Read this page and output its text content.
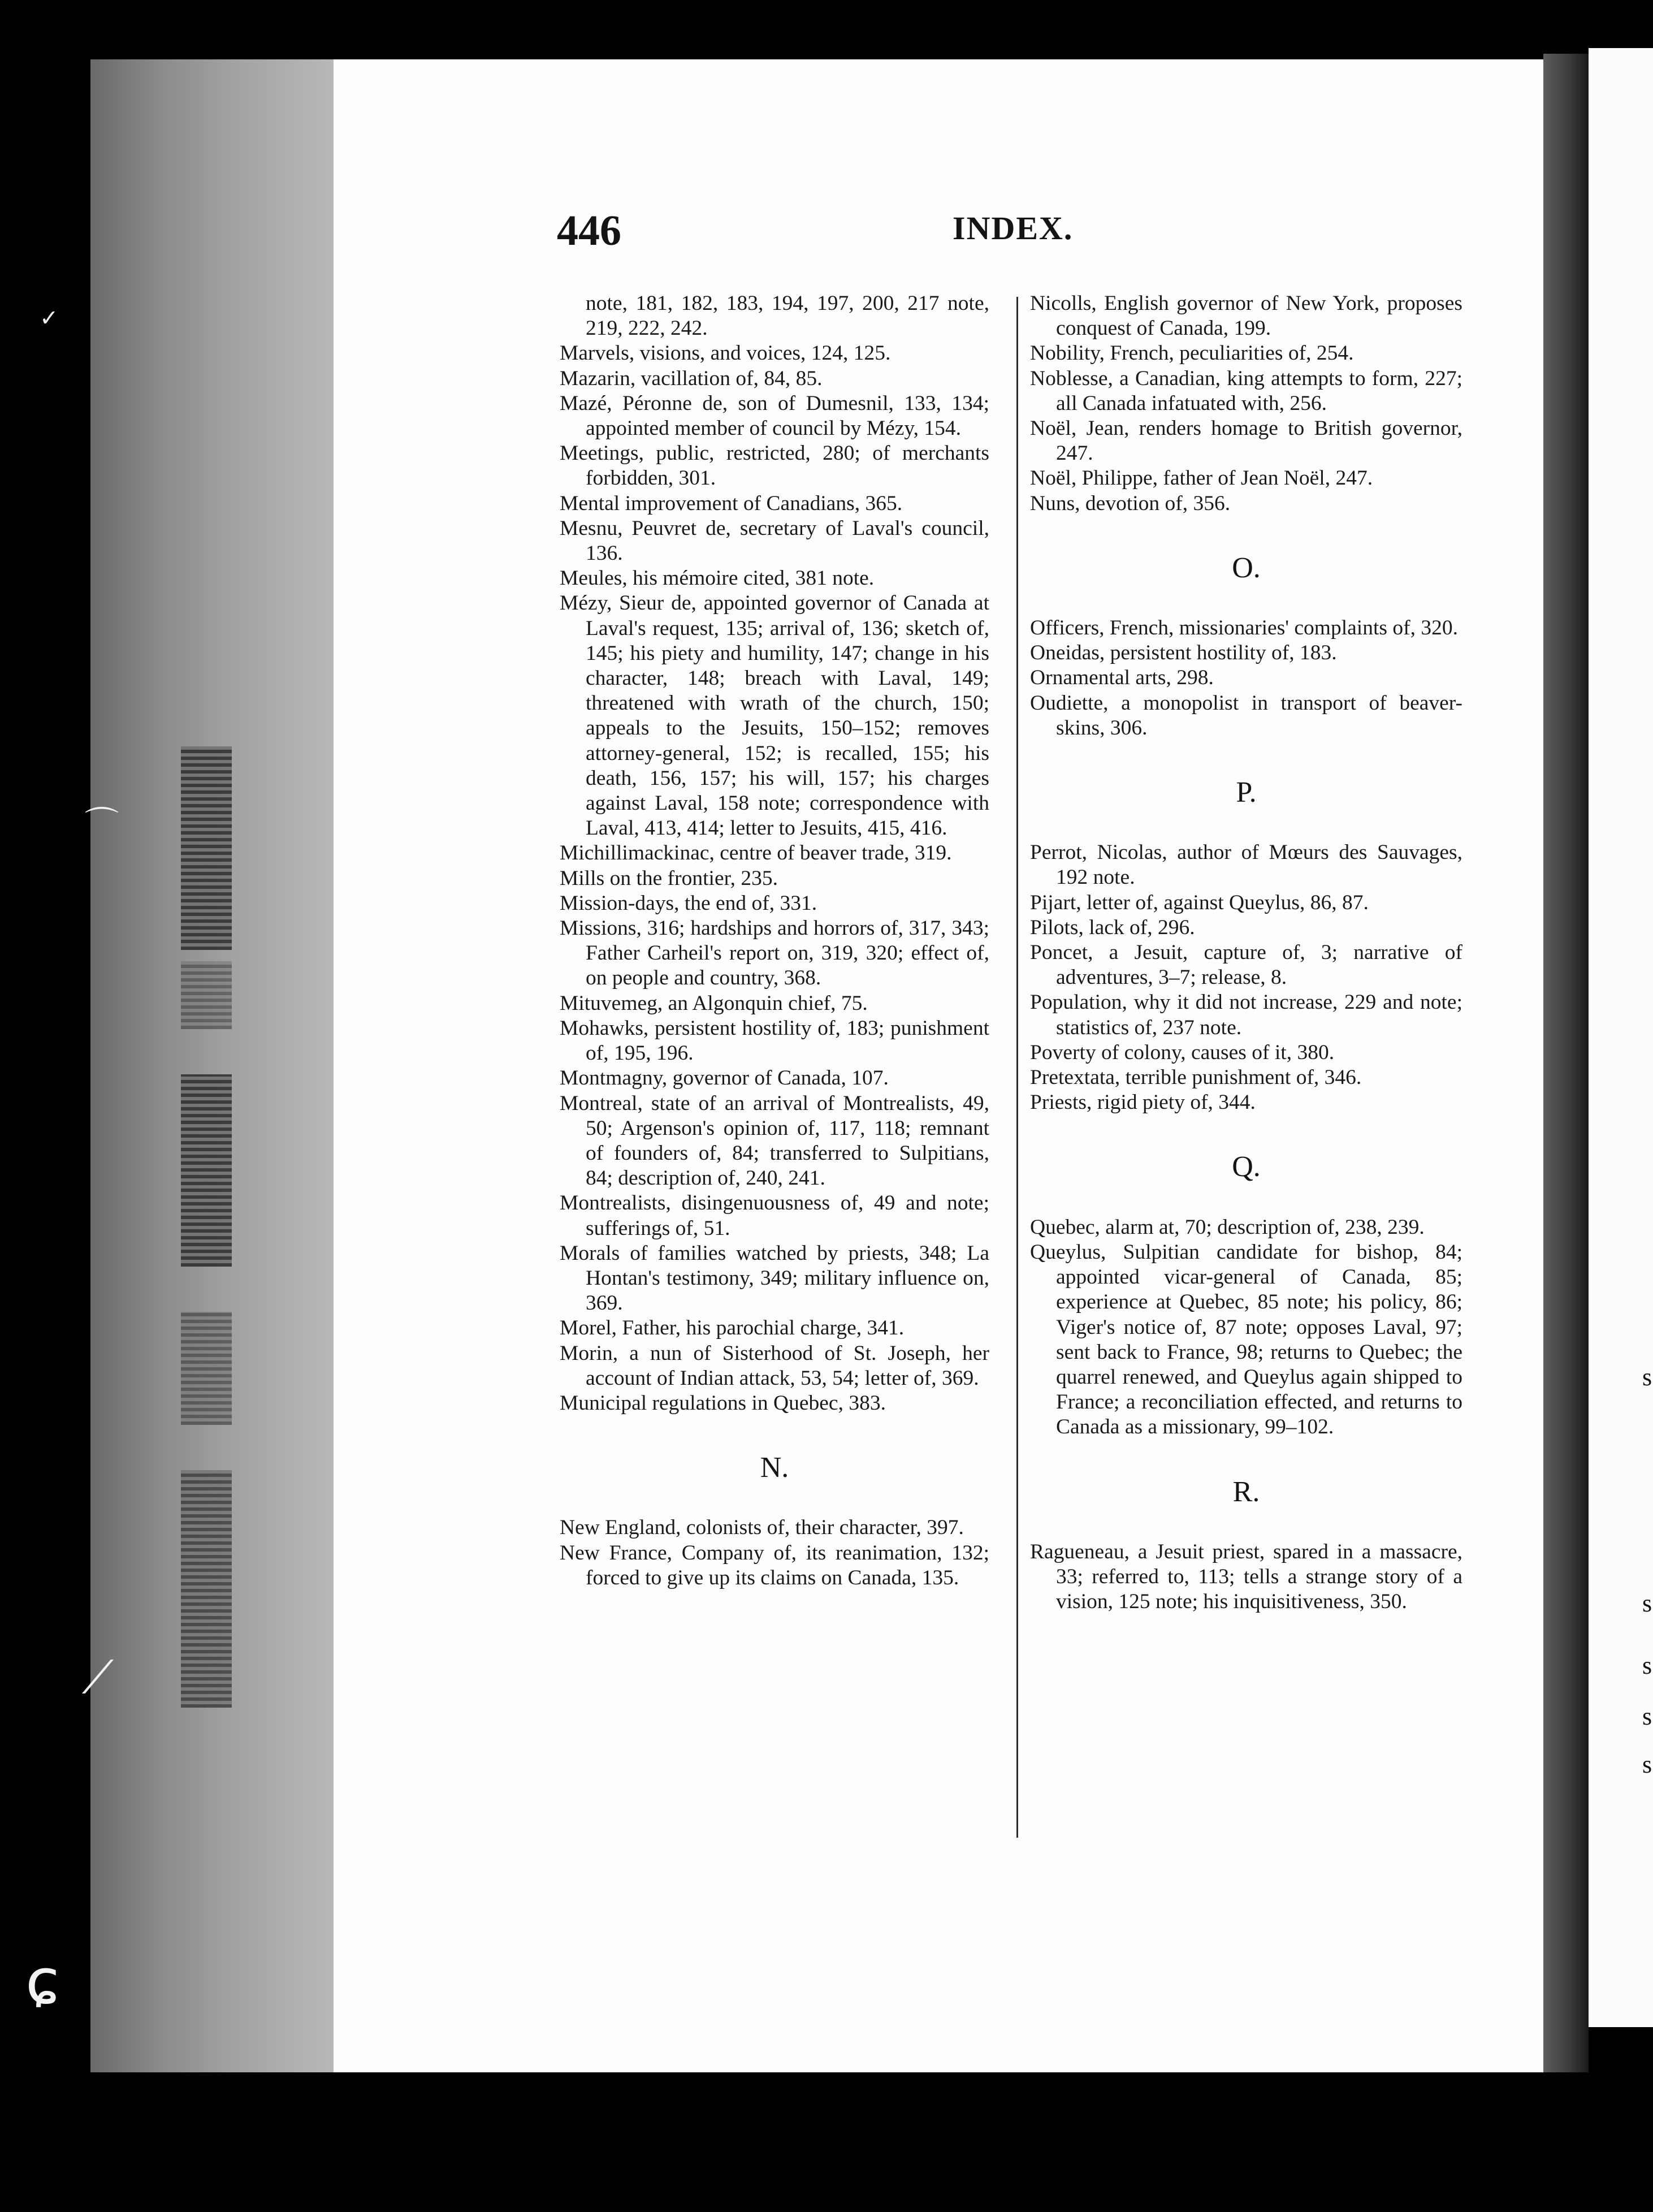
✓
⌒
⟋
ɕ
s
s
s
s
s
446	INDEX.

note, 181, 182, 183, 194, 197, 200, 217 note, 219, 222, 242.

Marvels, visions, and voices, 124, 125.

Mazarin, vacillation of, 84, 85.

Mazé, Péronne de, son of Dumesnil, 133, 134; appointed member of council by Mézy, 154.

Meetings, public, restricted, 280; of merchants forbidden, 301.

Mental improvement of Canadians, 365.

Mesnu, Peuvret de, secretary of Laval's council, 136.

Meules, his mémoire cited, 381 note.

Mézy, Sieur de, appointed governor of Canada at Laval's request, 135; arrival of, 136; sketch of, 145; his piety and humility, 147; change in his character, 148; breach with Laval, 149; threatened with wrath of the church, 150; appeals to the Jesuits, 150–152; removes attorney-general, 152; is recalled, 155; his death, 156, 157; his will, 157; his charges against Laval, 158 note; correspondence with Laval, 413, 414; letter to Jesuits, 415, 416.

Michillimackinac, centre of beaver trade, 319.

Mills on the frontier, 235.

Mission-days, the end of, 331.

Missions, 316; hardships and horrors of, 317, 343; Father Carheil's report on, 319, 320; effect of, on people and country, 368.

Mituvemeg, an Algonquin chief, 75.

Mohawks, persistent hostility of, 183; punishment of, 195, 196.

Montmagny, governor of Canada, 107.

Montreal, state of an arrival of Montrealists, 49, 50; Argenson's opinion of, 117, 118; remnant of founders of, 84; transferred to Sulpitians, 84; description of, 240, 241.

Montrealists, disingenuousness of, 49 and note; sufferings of, 51.

Morals of families watched by priests, 348; La Hontan's testimony, 349; military influence on, 369.

Morel, Father, his parochial charge, 341.

Morin, a nun of Sisterhood of St. Joseph, her account of Indian attack, 53, 54; letter of, 369.

Municipal regulations in Quebec, 383.

N.

New England, colonists of, their character, 397.

New France, Company of, its reanimation, 132; forced to give up its claims on Canada, 135.

Nicolls, English governor of New York, proposes conquest of Canada, 199.

Nobility, French, peculiarities of, 254.

Noblesse, a Canadian, king attempts to form, 227; all Canada infatuated with, 256.

Noël, Jean, renders homage to British governor, 247.

Noël, Philippe, father of Jean Noël, 247.

Nuns, devotion of, 356.

O.

Officers, French, missionaries' complaints of, 320.

Oneidas, persistent hostility of, 183.

Ornamental arts, 298.

Oudiette, a monopolist in transport of beaver-skins, 306.

P.

Perrot, Nicolas, author of Mœurs des Sauvages, 192 note.

Pijart, letter of, against Queylus, 86, 87.

Pilots, lack of, 296.

Poncet, a Jesuit, capture of, 3; narrative of adventures, 3–7; release, 8.

Population, why it did not increase, 229 and note; statistics of, 237 note.

Poverty of colony, causes of it, 380.

Pretextata, terrible punishment of, 346.

Priests, rigid piety of, 344.

Q.

Quebec, alarm at, 70; description of, 238, 239.

Queylus, Sulpitian candidate for bishop, 84; appointed vicar-general of Canada, 85; experience at Quebec, 85 note; his policy, 86; Viger's notice of, 87 note; opposes Laval, 97; sent back to France, 98; returns to Quebec; the quarrel renewed, and Queylus again shipped to France; a reconciliation effected, and returns to Canada as a missionary, 99–102.

R.

Ragueneau, a Jesuit priest, spared in a massacre, 33; referred to, 113; tells a strange story of a vision, 125 note; his inquisitiveness, 350.
